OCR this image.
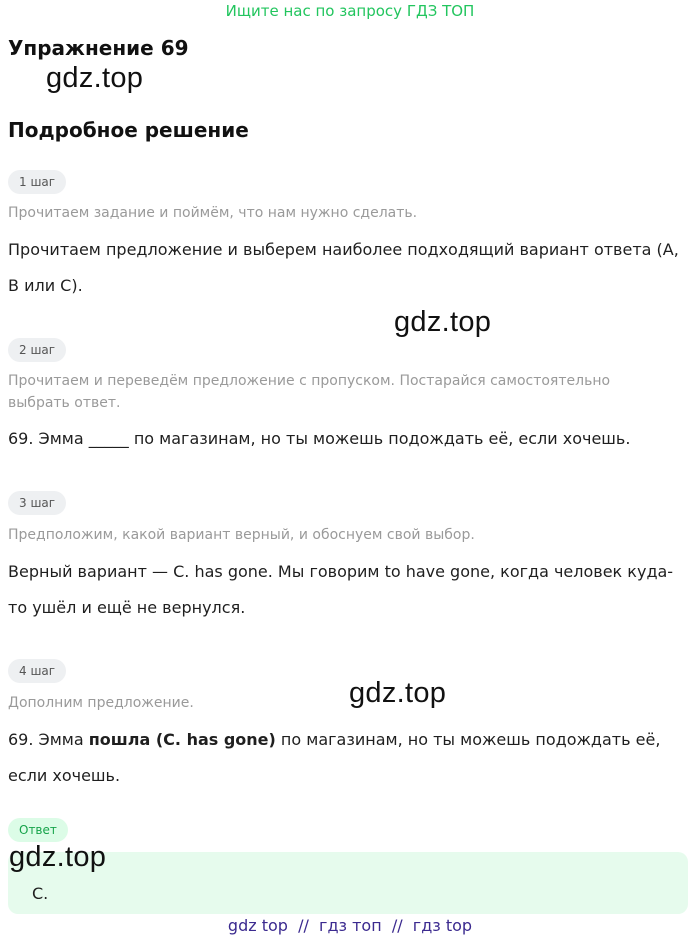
Ищите нас по запросу ГДЗ ТОП
Упражнение 69
gdz.top
Подробное решение
1 шаг
Прочитаем задание и поймём, что нам нужно сделать.
Прочитаем предложение и выберем наиболее подходящий вариант ответа (А, В или С).
gdz.top
2 шаг
Прочитаем и переведём предложение с пропуском. Постарайся самостоятельно выбрать ответ.
69. Эмма _____ по магазинам, но ты можешь подождать её, если хочешь.
3 шаг
Предположим, какой вариант верный, и обоснуем свой выбор.
Верный вариант — C. has gone. Мы говорим to have gone, когда человек куда-то ушёл и ещё не вернулся.
4 шаг
Дополним предложение.	gdz.top
69. Эмма пошла (C. has gone) по магазинам, но ты можешь подождать её, если хочешь.
Ответ
gdz.top
С.
gdz top  //  гдз топ  //  гдз top
